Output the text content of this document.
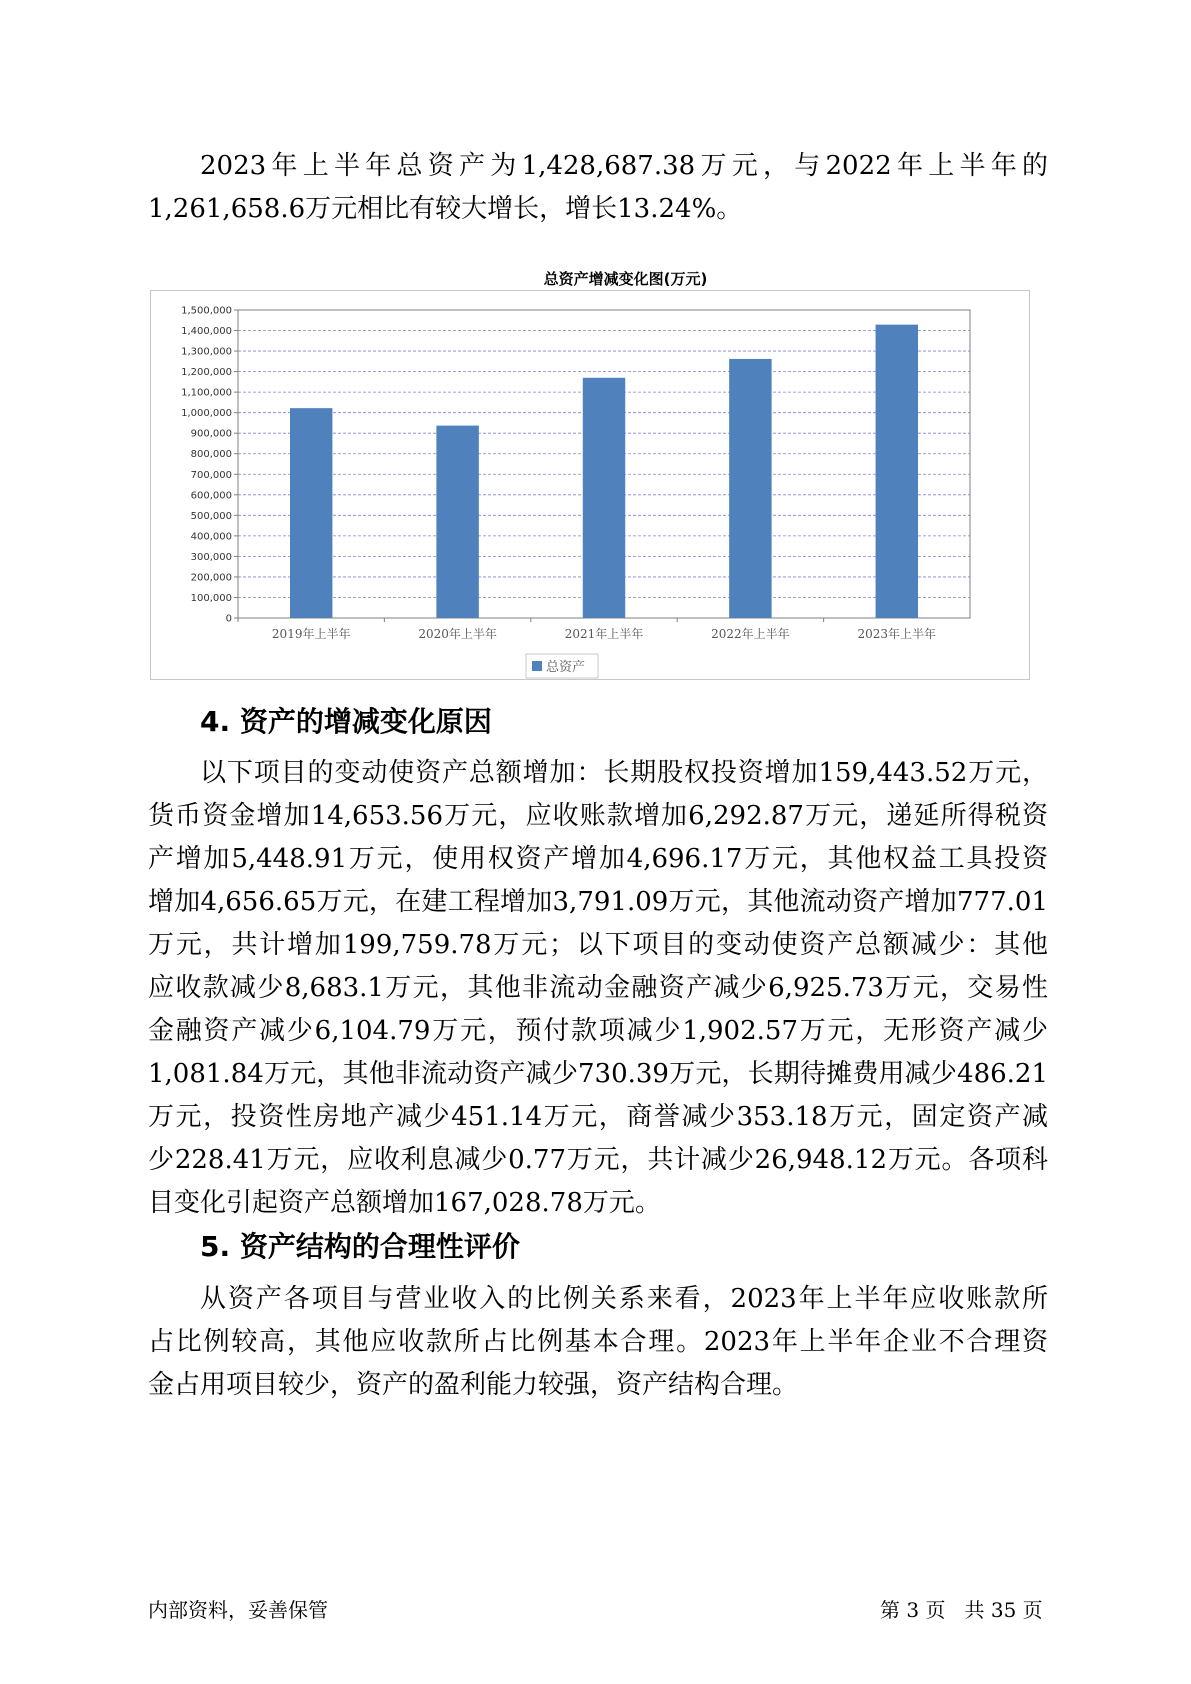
2023年上半年总资产为1,428,687.38万元，与2022年上半年的
1,261,658.6万元相比有较大增长，增长13.24%。
总资产增减变化图(万元)
0
100,000
200,000
300,000
400,000
500,000
600,000
700,000
800,000
900,000
1,000,000
1,100,000
1,200,000
1,300,000
1,400,000
1,500,000
2019年上半年	2020年上半年	2021年上半年	2022年上半年	2023年上半年
总资产
4. 资产的增减变化原因
以下项目的变动使资产总额增加：长期股权投资增加159,443.52万元，
货币资金增加14,653.56万元，应收账款增加6,292.87万元，递延所得税资
产增加5,448.91万元，使用权资产增加4,696.17万元，其他权益工具投资
增加4,656.65万元，在建工程增加3,791.09万元，其他流动资产增加777.01
万元，共计增加199,759.78万元；以下项目的变动使资产总额减少：其他
应收款减少8,683.1万元，其他非流动金融资产减少6,925.73万元，交易性
金融资产减少6,104.79万元，预付款项减少1,902.57万元，无形资产减少
1,081.84万元，其他非流动资产减少730.39万元，长期待摊费用减少486.21
万元，投资性房地产减少451.14万元，商誉减少353.18万元，固定资产减
少228.41万元，应收利息减少0.77万元，共计减少26,948.12万元。各项科
目变化引起资产总额增加167,028.78万元。
5. 资产结构的合理性评价
从资产各项目与营业收入的比例关系来看，2023年上半年应收账款所
占比例较高，其他应收款所占比例基本合理。2023年上半年企业不合理资
金占用项目较少，资产的盈利能力较强，资产结构合理。
内部资料，妥善保管	第 3 页   共 35 页
